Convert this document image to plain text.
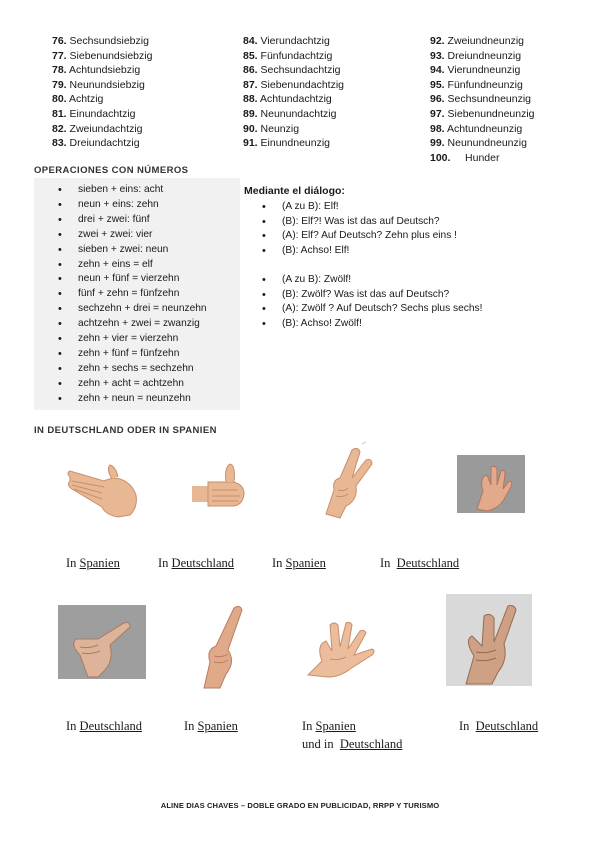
76. Sechsundsiebzig
77. Siebenundsiebzig
78. Achtundsiebzig
79. Neunundsiebzig
80. Achtzig
81. Einundachtzig
82. Zweiundachtzig
83. Dreiundachtzig
84. Vierundachtzig
85. Fünfundachtzig
86. Sechsundachtzig
87. Siebenundachtzig
88. Achtundachtzig
89. Neunundachtzig
90. Neunzig
91. Einundneunzig
92. Zweiundneunzig
93. Dreiundneunzig
94. Vierundneunzig
95. Fünfundneunzig
96. Sechsundneunzig
97. Siebenundneunzig
98. Achtundneunzig
99. Neunundneunzig
100. Hunder
OPERACIONES CON NÚMEROS
• sieben + eins: acht
• neun + eins: zehn
• drei + zwei: fünf
• zwei + zwei: vier
• sieben + zwei: neun
• zehn + eins = elf
• neun + fünf = vierzehn
• fünf + zehn = fünfzehn
• sechzehn + drei = neunzehn
• achtzehn + zwei = zwanzig
• zehn + vier = vierzehn
• zehn + fünf = fünfzehn
• zehn + sechs = sechzehn
• zehn + acht = achtzehn
• zehn + neun = neunzehn
Mediante el diálogo:
• (A zu B): Elf!
• (B): Elf?! Was ist das auf Deutsch?
• (A): Elf? Auf Deutsch? Zehn plus eins !
• (B): Achso! Elf!
• (A zu B): Zwölf!
• (B): Zwölf? Was ist das auf Deutsch?
• (A): Zwölf ? Auf Deutsch? Sechs plus sechs!
• (B): Achso! Zwölf!
IN DEUTSCHLAND ODER IN SPANIEN
In Spanien	In Deutschland	In Spanien	In Deutschland
In Deutschland	In Spanien	In Spanien
und in Deutschland
In Deutschland
ALINE DIAS CHAVES – DOBLE GRADO EN PUBLICIDAD, RRPP Y TURISMO
